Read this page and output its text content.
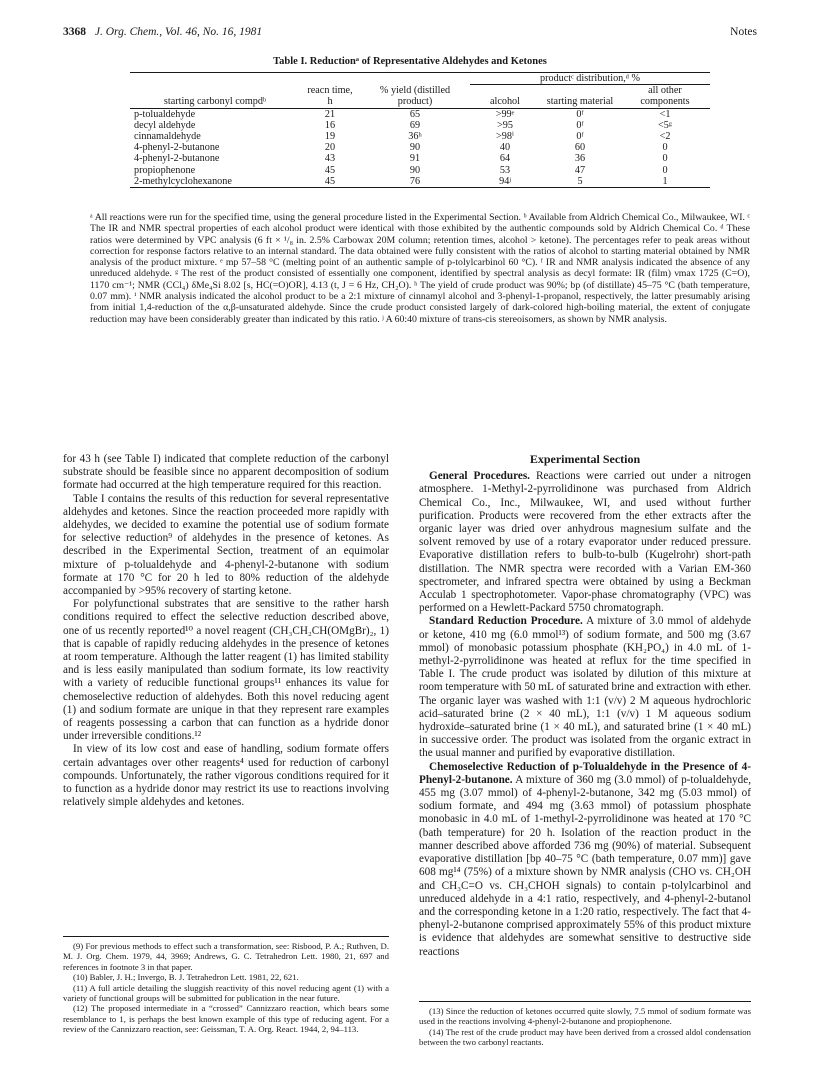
3368 J. Org. Chem., Vol. 46, No. 16, 1981	Notes
Table I. Reductionᵃ of Representative Aldehydes and Ketones
			productᶜ distribution,ᵈ %		
starting carbonyl compdᵇ	reacn time, h	% yield (distilled product)	alcohol	starting material	all other components
p-tolualdehyde	21	65	>99ᵉ	0ᶠ	<1
decyl aldehyde	16	69	>95	0ᶠ	<5ᵍ
cinnamaldehyde	19	36ʰ	>98ⁱ	0ᶠ	<2
4-phenyl-2-butanone	20	90	40	60	0
4-phenyl-2-butanone	43	91	64	36	0
propiophenone	45	90	53	47	0
2-methylcyclohexanone	45	76	94ʲ	5	1
ᵃ All reactions were run for the specified time, using the general procedure listed in the Experimental Section. ᵇ Available from Aldrich Chemical Co., Milwaukee, WI. ᶜ The IR and NMR spectral properties of each alcohol product were identical with those exhibited by the authentic compounds sold by Aldrich Chemical Co. ᵈ These ratios were determined by VPC analysis (6 ft × ¹/₈ in. 2.5% Carbowax 20M column; retention times, alcohol > ketone). The percentages refer to peak areas without correction for response factors relative to an internal standard. The data obtained were fully consistent with the ratios of alcohol to starting material obtained by NMR analysis of the product mixture. ᵉ mp 57–58 °C (melting point of an authentic sample of p-tolylcarbinol 60 °C). ᶠ IR and NMR analysis indicated the absence of any unreduced aldehyde. ᵍ The rest of the product consisted of essentially one component, identified by spectral analysis as decyl formate: IR (film) νmax 1725 (C=O), 1170 cm⁻¹; NMR (CCl₄) δMe₄Si 8.02 [s, HC(=O)OR], 4.13 (t, J = 6 Hz, CH₂O). ʰ The yield of crude product was 90%; bp (of distillate) 45–75 °C (bath temperature, 0.07 mm). ⁱ NMR analysis indicated the alcohol product to be a 2:1 mixture of cinnamyl alcohol and 3-phenyl-1-propanol, respectively, the latter presumably arising from initial 1,4-reduction of the α,β-unsaturated aldehyde. Since the crude product consisted largely of dark-colored high-boiling material, the extent of conjugate reduction may have been considerably greater than indicated by this ratio. ʲ A 60:40 mixture of trans-cis stereoisomers, as shown by NMR analysis.

for 43 h (see Table I) indicated that complete reduction of the carbonyl substrate should be feasible since no apparent decomposition of sodium formate had occurred at the high temperature required for this reaction.

Table I contains the results of this reduction for several representative aldehydes and ketones. Since the reaction proceeded more rapidly with aldehydes, we decided to examine the potential use of sodium formate for selective reduction⁹ of aldehydes in the presence of ketones. As described in the Experimental Section, treatment of an equimolar mixture of p-tolualdehyde and 4-phenyl-2-butanone with sodium formate at 170 °C for 20 h led to 80% reduction of the aldehyde accompanied by >95% recovery of starting ketone.

For polyfunctional substrates that are sensitive to the rather harsh conditions required to effect the selective reduction described above, one of us recently reported¹⁰ a novel reagent (CH₃CH₂CH(OMgBr)₂, 1) that is capable of rapidly reducing aldehydes in the presence of ketones at room temperature. Although the latter reagent (1) has limited stability and is less easily manipulated than sodium formate, its low reactivity with a variety of reducible functional groups¹¹ enhances its value for chemoselective reduction of aldehydes. Both this novel reducing agent (1) and sodium formate are unique in that they represent rare examples of reagents possessing a carbon that can function as a hydride donor under irreversible conditions.¹²

In view of its low cost and ease of handling, sodium formate offers certain advantages over other reagents⁴ used for reduction of carbonyl compounds. Unfortunately, the rather vigorous conditions required for it to function as a hydride donor may restrict its use to reactions involving relatively simple aldehydes and ketones.

Experimental Section

General Procedures. Reactions were carried out under a nitrogen atmosphere. 1-Methyl-2-pyrrolidinone was purchased from Aldrich Chemical Co., Inc., Milwaukee, WI, and used without further purification. Products were recovered from the ether extracts after the organic layer was dried over anhydrous magnesium sulfate and the solvent removed by use of a rotary evaporator under reduced pressure. Evaporative distillation refers to bulb-to-bulb (Kugelrohr) short-path distillation. The NMR spectra were recorded with a Varian EM-360 spectrometer, and infrared spectra were obtained by using a Beckman Acculab 1 spectrophotometer. Vapor-phase chromatography (VPC) was performed on a Hewlett-Packard 5750 chromatograph.

Standard Reduction Procedure. A mixture of 3.0 mmol of aldehyde or ketone, 410 mg (6.0 mmol¹³) of sodium formate, and 500 mg (3.67 mmol) of monobasic potassium phosphate (KH₂PO₄) in 4.0 mL of 1-methyl-2-pyrrolidinone was heated at reflux for the time specified in Table I. The crude product was isolated by dilution of this mixture at room temperature with 50 mL of saturated brine and extraction with ether. The organic layer was washed with 1:1 (v/v) 2 M aqueous hydrochloric acid–saturated brine (2 × 40 mL), 1:1 (v/v) 1 M aqueous sodium hydroxide–saturated brine (1 × 40 mL), and saturated brine (1 × 40 mL) in successive order. The product was isolated from the organic extract in the usual manner and purified by evaporative distillation.

Chemoselective Reduction of p-Tolualdehyde in the Presence of 4-Phenyl-2-butanone. A mixture of 360 mg (3.0 mmol) of p-tolualdehyde, 455 mg (3.07 mmol) of 4-phenyl-2-butanone, 342 mg (5.03 mmol) of sodium formate, and 494 mg (3.63 mmol) of potassium phosphate monobasic in 4.0 mL of 1-methyl-2-pyrrolidinone was heated at 170 °C (bath temperature) for 20 h. Isolation of the reaction product in the manner described above afforded 736 mg (90%) of material. Subsequent evaporative distillation [bp 40–75 °C (bath temperature, 0.07 mm)] gave 608 mg¹⁴ (75%) of a mixture shown by NMR analysis (CHO vs. CH₂OH and CH₃C=O vs. CH₃CHOH signals) to contain p-tolylcarbinol and unreduced aldehyde in a 4:1 ratio, respectively, and 4-phenyl-2-butanol and the corresponding ketone in a 1:20 ratio, respectively. The fact that 4-phenyl-2-butanone comprised approximately 55% of this product mixture is evidence that aldehydes are somewhat sensitive to destructive side reactions

(9) For previous methods to effect such a transformation, see: Risbood, P. A.; Ruthven, D. M. J. Org. Chem. 1979, 44, 3969; Andrews, G. C. Tetrahedron Lett. 1980, 21, 697 and references in footnote 3 in that paper.

(10) Babler, J. H.; Invergo, B. J. Tetrahedron Lett. 1981, 22, 621.

(11) A full article detailing the sluggish reactivity of this novel reducing agent (1) with a variety of functional groups will be submitted for publication in the near future.

(12) The proposed intermediate in a “crossed” Cannizzaro reaction, which bears some resemblance to 1, is perhaps the best known example of this type of reducing agent. For a review of the Cannizzaro reaction, see: Geissman, T. A. Org. React. 1944, 2, 94–113.

(13) Since the reduction of ketones occurred quite slowly, 7.5 mmol of sodium formate was used in the reactions involving 4-phenyl-2-butanone and propiophenone.

(14) The rest of the crude product may have been derived from a crossed aldol condensation between the two carbonyl reactants.
